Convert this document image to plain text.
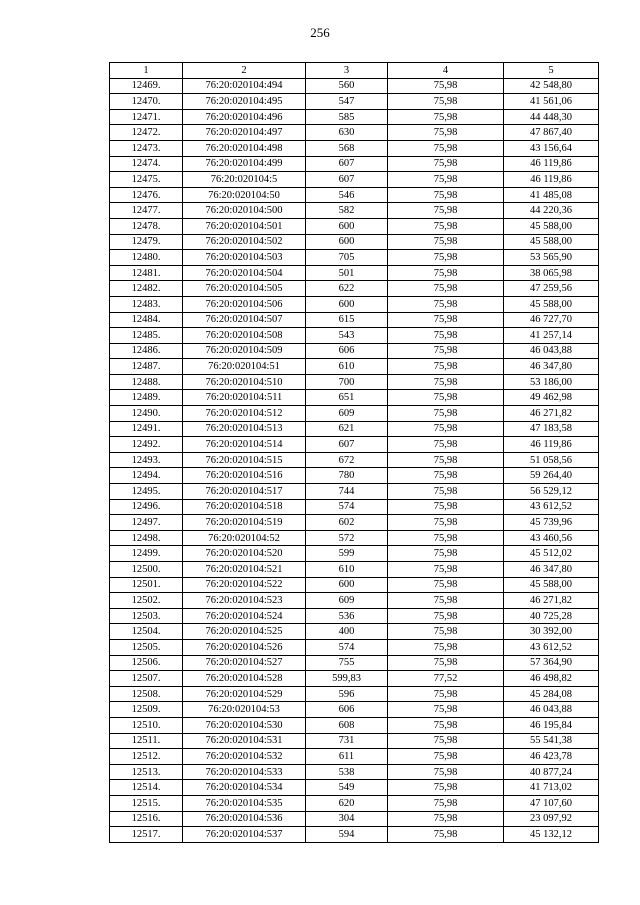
256
1	2	3	4	5
12469.	76:20:020104:494	560	75,98	42 548,80
12470.	76:20:020104:495	547	75,98	41 561,06
12471.	76:20:020104:496	585	75,98	44 448,30
12472.	76:20:020104:497	630	75,98	47 867,40
12473.	76:20:020104:498	568	75,98	43 156,64
12474.	76:20:020104:499	607	75,98	46 119,86
12475.	76:20:020104:5	607	75,98	46 119,86
12476.	76:20:020104:50	546	75,98	41 485,08
12477.	76:20:020104:500	582	75,98	44 220,36
12478.	76:20:020104:501	600	75,98	45 588,00
12479.	76:20:020104:502	600	75,98	45 588,00
12480.	76:20:020104:503	705	75,98	53 565,90
12481.	76:20:020104:504	501	75,98	38 065,98
12482.	76:20:020104:505	622	75,98	47 259,56
12483.	76:20:020104:506	600	75,98	45 588,00
12484.	76:20:020104:507	615	75,98	46 727,70
12485.	76:20:020104:508	543	75,98	41 257,14
12486.	76:20:020104:509	606	75,98	46 043,88
12487.	76:20:020104:51	610	75,98	46 347,80
12488.	76:20:020104:510	700	75,98	53 186,00
12489.	76:20:020104:511	651	75,98	49 462,98
12490.	76:20:020104:512	609	75,98	46 271,82
12491.	76:20:020104:513	621	75,98	47 183,58
12492.	76:20:020104:514	607	75,98	46 119,86
12493.	76:20:020104:515	672	75,98	51 058,56
12494.	76:20:020104:516	780	75,98	59 264,40
12495.	76:20:020104:517	744	75,98	56 529,12
12496.	76:20:020104:518	574	75,98	43 612,52
12497.	76:20:020104:519	602	75,98	45 739,96
12498.	76:20:020104:52	572	75,98	43 460,56
12499.	76:20:020104:520	599	75,98	45 512,02
12500.	76:20:020104:521	610	75,98	46 347,80
12501.	76:20:020104:522	600	75,98	45 588,00
12502.	76:20:020104:523	609	75,98	46 271,82
12503.	76:20:020104:524	536	75,98	40 725,28
12504.	76:20:020104:525	400	75,98	30 392,00
12505.	76:20:020104:526	574	75,98	43 612,52
12506.	76:20:020104:527	755	75,98	57 364,90
12507.	76:20:020104:528	599,83	77,52	46 498,82
12508.	76:20:020104:529	596	75,98	45 284,08
12509.	76:20:020104:53	606	75,98	46 043,88
12510.	76:20:020104:530	608	75,98	46 195,84
12511.	76:20:020104:531	731	75,98	55 541,38
12512.	76:20:020104:532	611	75,98	46 423,78
12513.	76:20:020104:533	538	75,98	40 877,24
12514.	76:20:020104:534	549	75,98	41 713,02
12515.	76:20:020104:535	620	75,98	47 107,60
12516.	76:20:020104:536	304	75,98	23 097,92
12517.	76:20:020104:537	594	75,98	45 132,12
